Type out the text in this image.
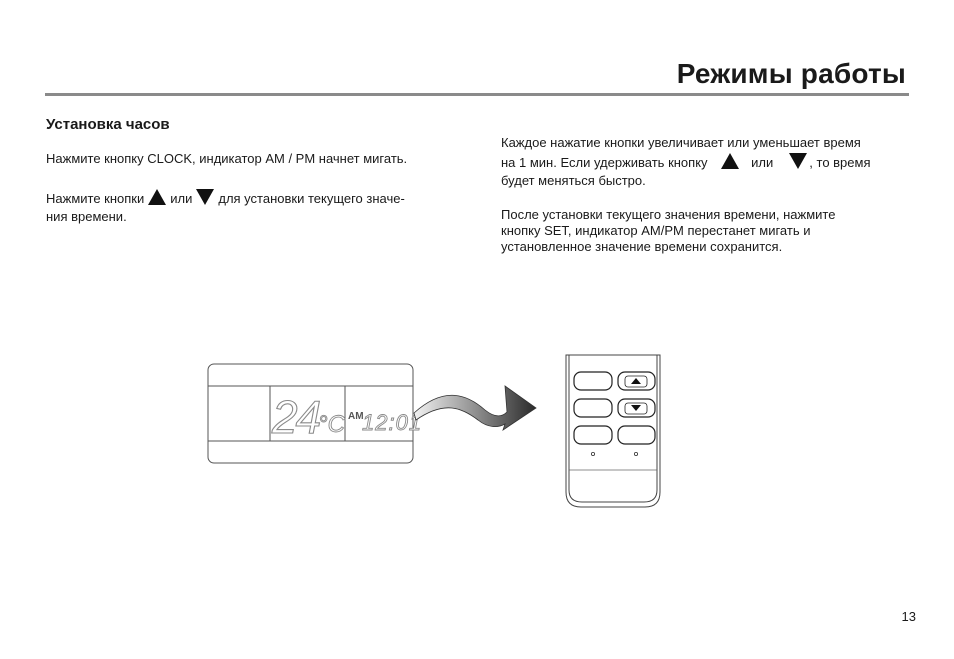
Режимы работы
Установка часов
Нажмите кнопку CLOCK, индикатор AM / PM начнет мигать.
Нажмите кнопки или для установки текущего значе-
ния времени.
Каждое нажатие кнопки увеличивает или уменьшает время
на 1 мин. Если удерживать кнопку	или	, то время
будет меняться быстро.
После установки текущего значения времени, нажмите
кнопку SET, индикатор AM/PM перестанет мигать и
установленное значение времени сохранится.
24
°C AM
12:01
13
